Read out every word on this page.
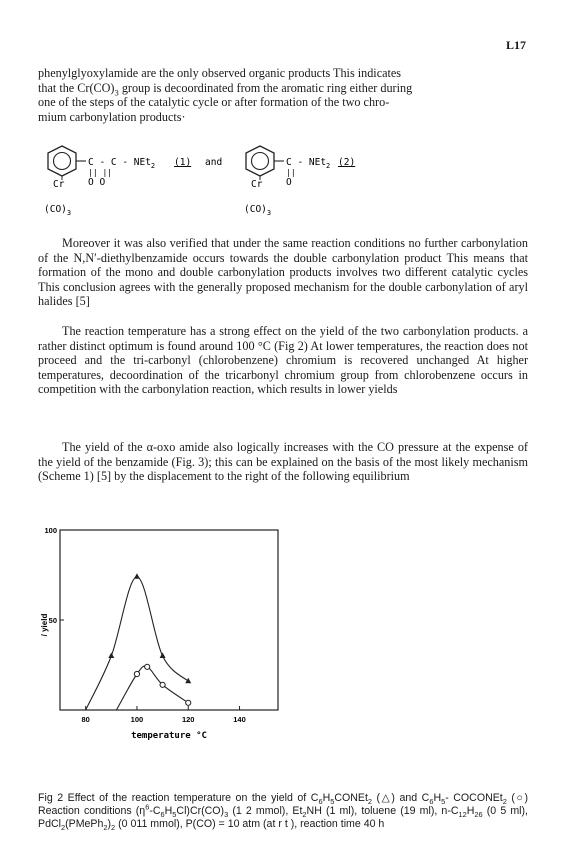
L17

phenylglyoxylamide are the only observed organic products This indicates
that the $Cr(CO)_3$ group is decoordinated from the aromatic ring either during
one of the steps of the catalytic cycle or after formation of the two chro-
mium carbonylation products·

C - C - NEt$_2$ (1)
|| ||
O O
Cr
$(CO)_3$
and	C - NEt$_2$ (2)
||
O
Cr
$(CO)_3$

Moreover it was also verified that under the same reaction conditions no further carbonylation of the N,N′-diethylbenzamide occurs towards the double carbonylation product This means that formation of the mono and double carbonylation products involves two different catalytic cycles This conclusion agrees with the generally proposed mechanism for the double carbonylation of aryl halides [5]

The reaction temperature has a strong effect on the yield of the two carbonylation products. a rather distinct optimum is found around 100 °C (Fig 2) At lower temperatures, the reaction does not proceed and the tri-carbonyl (chlorobenzene) chromium is recovered unchanged At higher temperatures, decoordination of the tricarbonyl chromium group from chlorobenzene occurs in competition with the carbonylation reaction, which results in lower yields

The yield of the α-oxo amide also logically increases with the CO pressure at the expense of the yield of the benzamide (Fig. 3); this can be explained on the basis of the most likely mechanism (Scheme 1) [5] by the displacement to the right of the following equilibrium

80	100	120	140
50
100
temperature °C
/ yield

Fig 2 Effect of the reaction temperature on the yield of $C_6H_5CONEt_2$ (△) and $C_6H_5-$ COCONEt$_2$ (○) Reaction conditions $(\eta^6-C_6H_5Cl)Cr(CO)_3$ (1 2 mmol), $Et_2NH$ (1 ml), toluene (19 ml), $n-C_{12}H_{26}$ (0 5 ml), $PdCl_2(PMePh_2)_2$ (0 011 mmol), P(CO) = 10 atm (at r t ), reaction time 40 h
